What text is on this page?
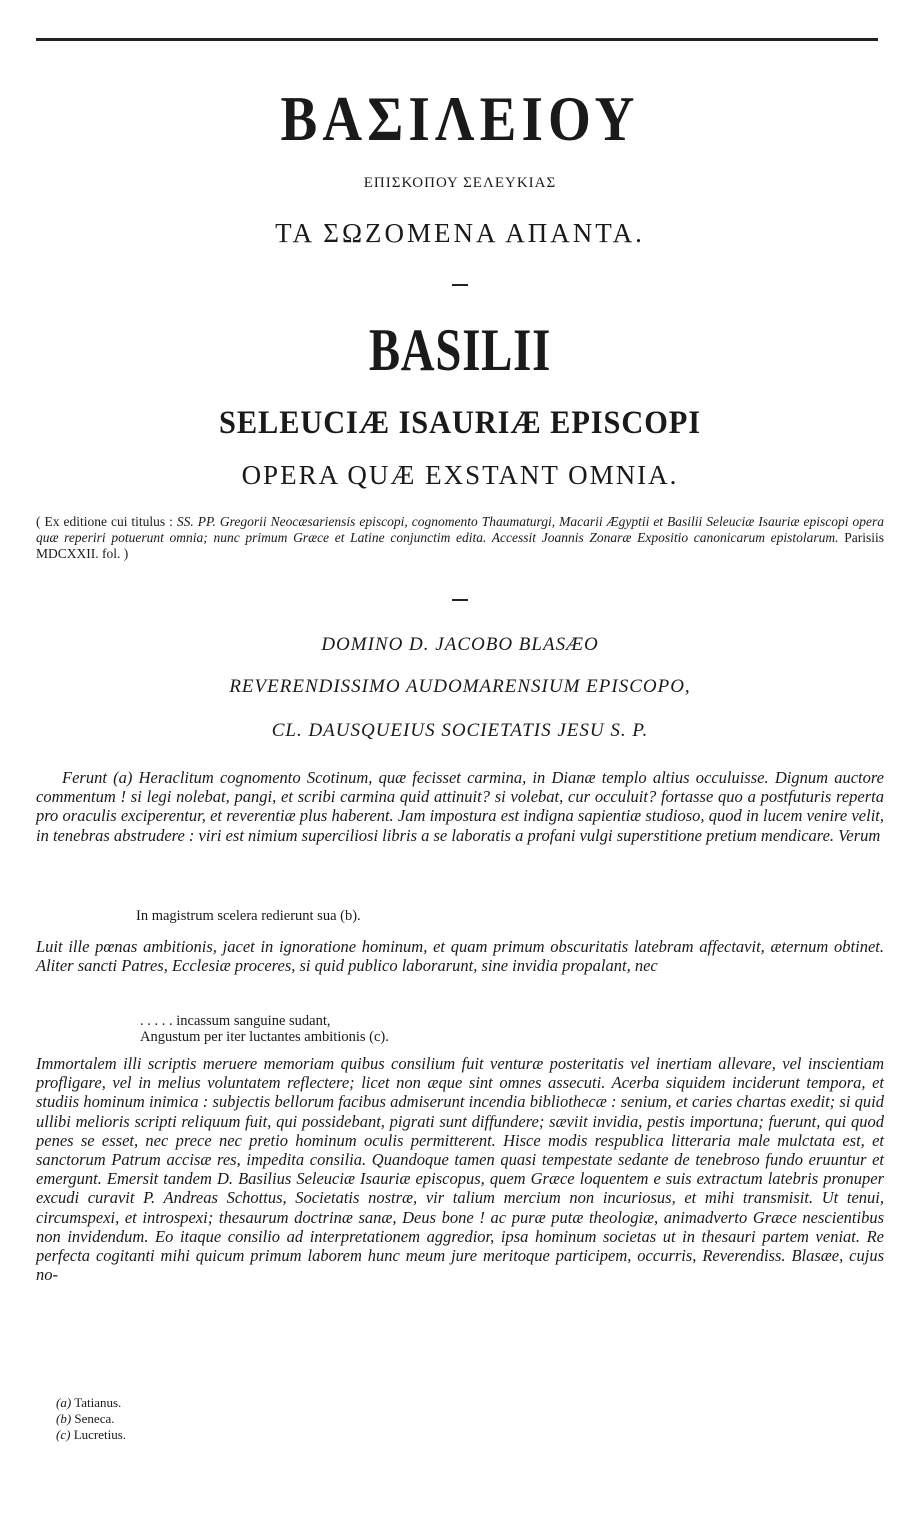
ΒΑΣΙΛΕΙΟΥ
ΕΠΙΣΚΟΠΟΥ ΣΕΛΕΥΚΙΑΣ
ΤΑ ΣΩΖΟΜΕΝΑ ΑΠΑΝΤΑ.
BASILII
SELEUCIÆ ISAURIÆ EPISCOPI
OPERA QUÆ EXSTANT OMNIA.
( Ex editione cui titulus : SS. PP. Gregorii Neocæsariensis episcopi, cognomento Thaumaturgi, Macarii Ægyptii et Basilii Seleuciæ Isauriæ episcopi opera quæ reperiri potuerunt omnia; nunc primum Græce et Latine conjunctim edita. Accessit Joannis Zonaræ Expositio canonicarum epistolarum. Parisiis MDCXXII. fol. )
DOMINO D. JACOBO BLASÆO
REVERENDISSIMO AUDOMARENSIUM EPISCOPO,
CL. DAUSQUEIUS SOCIETATIS JESU S. P.
Ferunt (a) Heraclitum cognomento Scotinum, quæ fecisset carmina, in Dianæ templo altius occuluisse. Dignum auctore commentum ! si legi nolebat, pangi, et scribi carmina quid attinuit? si volebat, cur occuluit? fortasse quo a postfuturis reperta pro oraculis exciperentur, et reverentiæ plus haberent. Jam impostura est indigna sapientiæ studioso, quod in lucem venire velit, in tenebras abstrudere : viri est nimium superciliosi libris a se laboratis a profani vulgi superstitione pretium mendicare. Verum
In magistrum scelera redierunt sua (b).
Luit ille pœnas ambitionis, jacet in ignoratione hominum, et quam primum obscuritatis latebram affectavit, æternum obtinet. Aliter sancti Patres, Ecclesiæ proceres, si quid publico laborarunt, sine invidia propalant, nec
. . . . . incassum sanguine sudant,
Angustum per iter luctantes ambitionis (c).
Immortalem illi scriptis meruere memoriam quibus consilium fuit venturæ posteritatis vel inertiam allevare, vel inscientiam profligare, vel in melius voluntatem reflectere; licet non æque sint omnes assecuti. Acerba siquidem inciderunt tempora, et studiis hominum inimica : subjectis bellorum facibus admiserunt incendia bibliothecæ : senium, et caries chartas exedit; si quid ullibi melioris scripti reliquum fuit, qui possidebant, pigrati sunt diffundere; sæviit invidia, pestis importuna; fuerunt, qui quod penes se esset, nec prece nec pretio hominum oculis permitterent. Hisce modis respublica litteraria male mulctata est, et sanctorum Patrum accisæ res, impedita consilia. Quandoque tamen quasi tempestate sedante de tenebroso fundo eruuntur et emergunt. Emersit tandem D. Basilius Seleuciæ Isauriæ episcopus, quem Græce loquentem e suis extractum latebris pronuper excudi curavit P. Andreas Schottus, Societatis nostræ, vir talium mercium non incuriosus, et mihi transmisit. Ut tenui, circumspexi, et introspexi; thesaurum doctrinæ sanæ, Deus bone ! ac puræ putæ theologiæ, animadverto Græce nescientibus non invidendum. Eo itaque consilio ad interpretationem aggredior, ipsa hominum societas ut in thesauri partem veniat. Re perfecta cogitanti mihi quicum primum laborem hunc meum jure meritoque participem, occurris, Reverendiss. Blasæe, cujus no-
(a) Tatianus.
(b) Seneca.
(c) Lucretius.
